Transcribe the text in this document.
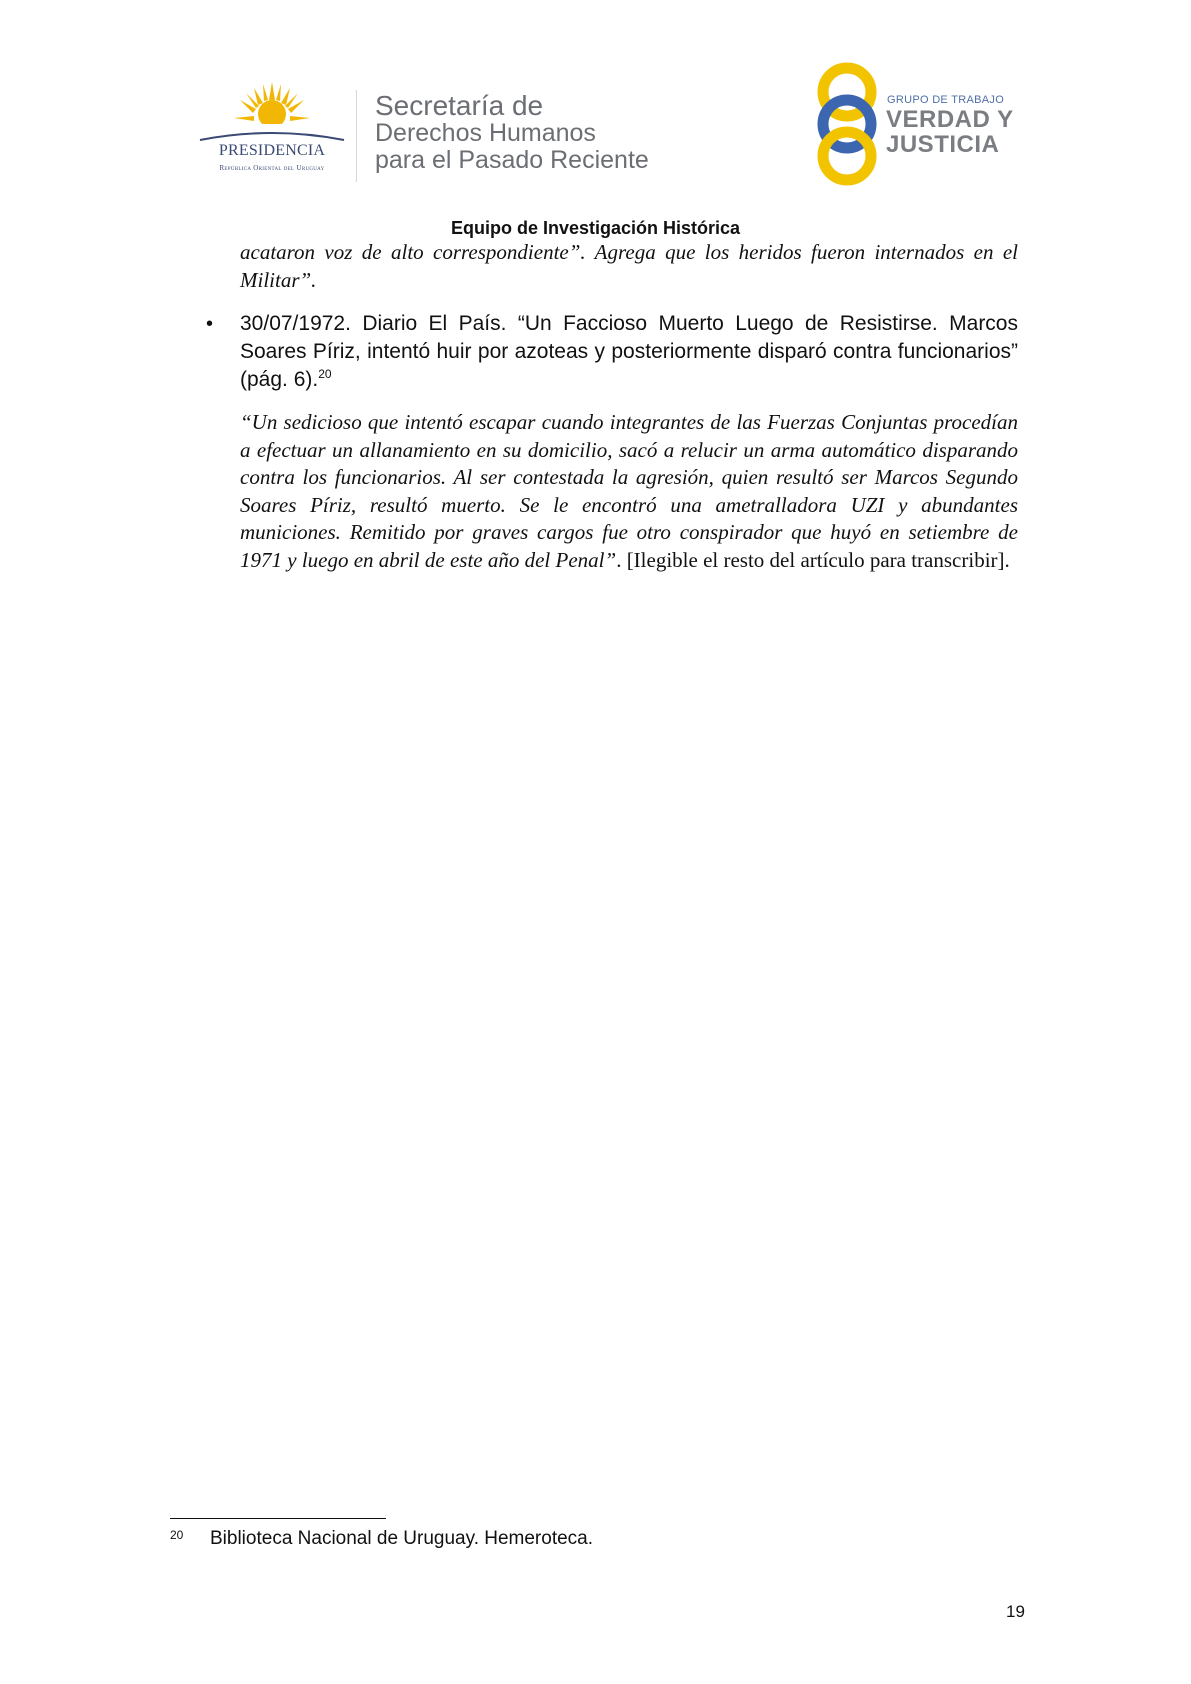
PRESIDENCIA
República Oriental del Uruguay
Secretaría de
Derechos Humanos
para el Pasado Reciente
GRUPO DE TRABAJO
VERDAD Y
JUSTICIA
Equipo de Investigación Histórica

acataron voz de alto correspondiente”. Agrega que los heridos fueron internados en el Militar”.

• 30/07/1972. Diario El País. “Un Faccioso Muerto Luego de Resistirse. Marcos Soares Píriz, intentó huir por azoteas y posteriormente disparó contra funcionarios” (pág. 6).$^{20}$

“Un sedicioso que intentó escapar cuando integrantes de las Fuerzas Conjuntas procedían a efectuar un allanamiento en su domicilio, sacó a relucir un arma automático disparando contra los funcionarios. Al ser contestada la agresión, quien resultó ser Marcos Segundo Soares Píriz, resultó muerto. Se le encontró una ametralladora UZI y abundantes municiones. Remitido por graves cargos fue otro conspirador que huyó en setiembre de 1971 y luego en abril de este año del Penal”. [Ilegible el resto del artículo para transcribir].

20 Biblioteca Nacional de Uruguay. Hemeroteca.
19
